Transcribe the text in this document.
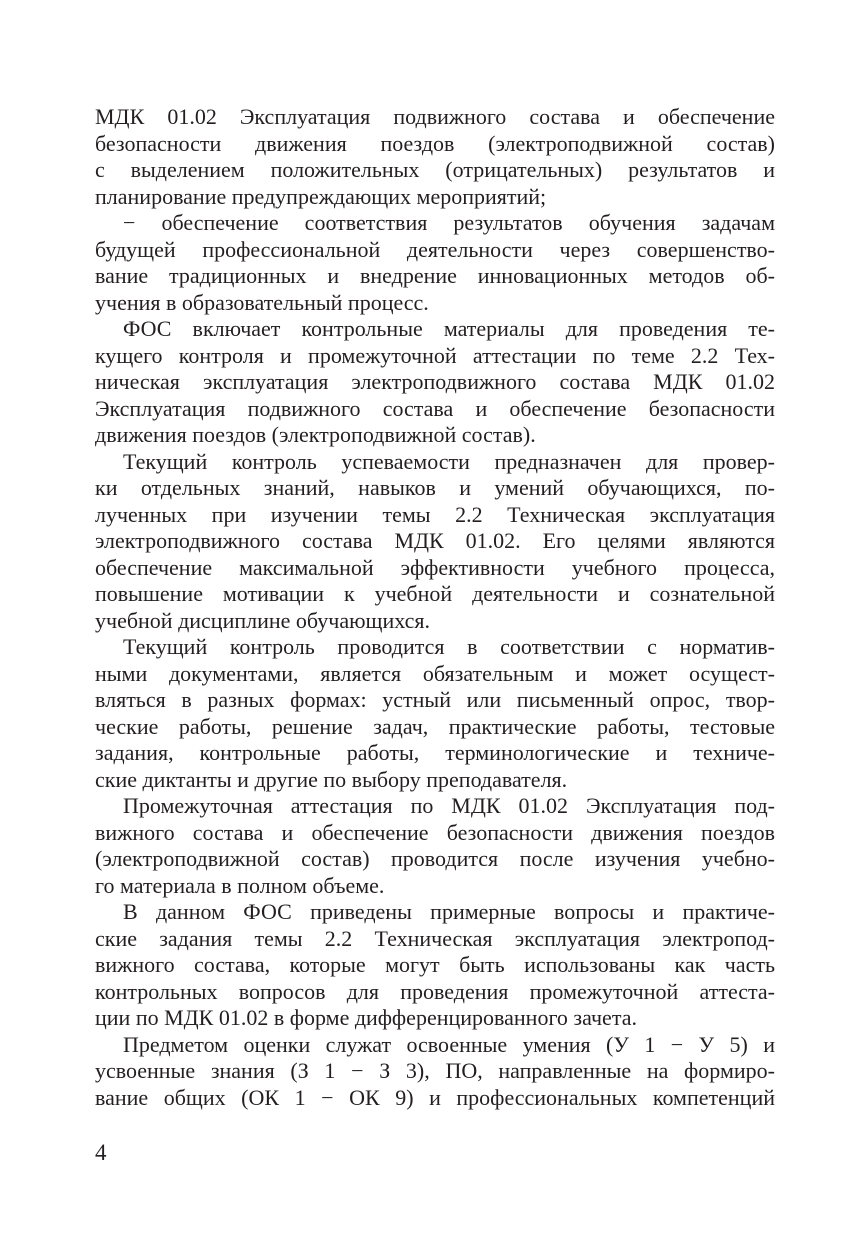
МДК 01.02 Эксплуатация подвижного состава и обеспечение
безопасности движения поездов (электроподвижной состав)
с выделением положительных (отрицательных) результатов и
планирование предупреждающих мероприятий;
− обеспечение соответствия результатов обучения задачам
будущей профессиональной деятельности через совершенство-
вание традиционных и внедрение инновационных методов об-
учения в образовательный процесс.
ФОС включает контрольные материалы для проведения те-
кущего контроля и промежуточной аттестации по теме 2.2 Тех-
ническая эксплуатация электроподвижного состава МДК 01.02
Эксплуатация подвижного состава и обеспечение безопасности
движения поездов (электроподвижной состав).
Текущий контроль успеваемости предназначен для провер-
ки отдельных знаний, навыков и умений обучающихся, по-
лученных при изучении темы 2.2 Техническая эксплуатация
электроподвижного состава МДК 01.02. Его целями являются
обеспечение максимальной эффективности учебного процесса,
повышение мотивации к учебной деятельности и сознательной
учебной дисциплине обучающихся.
Текущий контроль проводится в соответствии с норматив-
ными документами, является обязательным и может осущест-
вляться в разных формах: устный или письменный опрос, твор-
ческие работы, решение задач, практические работы, тестовые
задания, контрольные работы, терминологические и техниче-
ские диктанты и другие по выбору преподавателя.
Промежуточная аттестация по МДК 01.02 Эксплуатация под-
вижного состава и обеспечение безопасности движения поездов
(электроподвижной состав) проводится после изучения учебно-
го материала в полном объеме.
В данном ФОС приведены примерные вопросы и практиче-
ские задания темы 2.2 Техническая эксплуатация электропод-
вижного состава, которые могут быть использованы как часть
контрольных вопросов для проведения промежуточной аттеста-
ции по МДК 01.02 в форме дифференцированного зачета.
Предметом оценки служат освоенные умения (У 1 − У 5) и
усвоенные знания (З 1 − З 3), ПО, направленные на формиро-
вание общих (ОК 1 − ОК 9) и профессиональных компетенций
4
